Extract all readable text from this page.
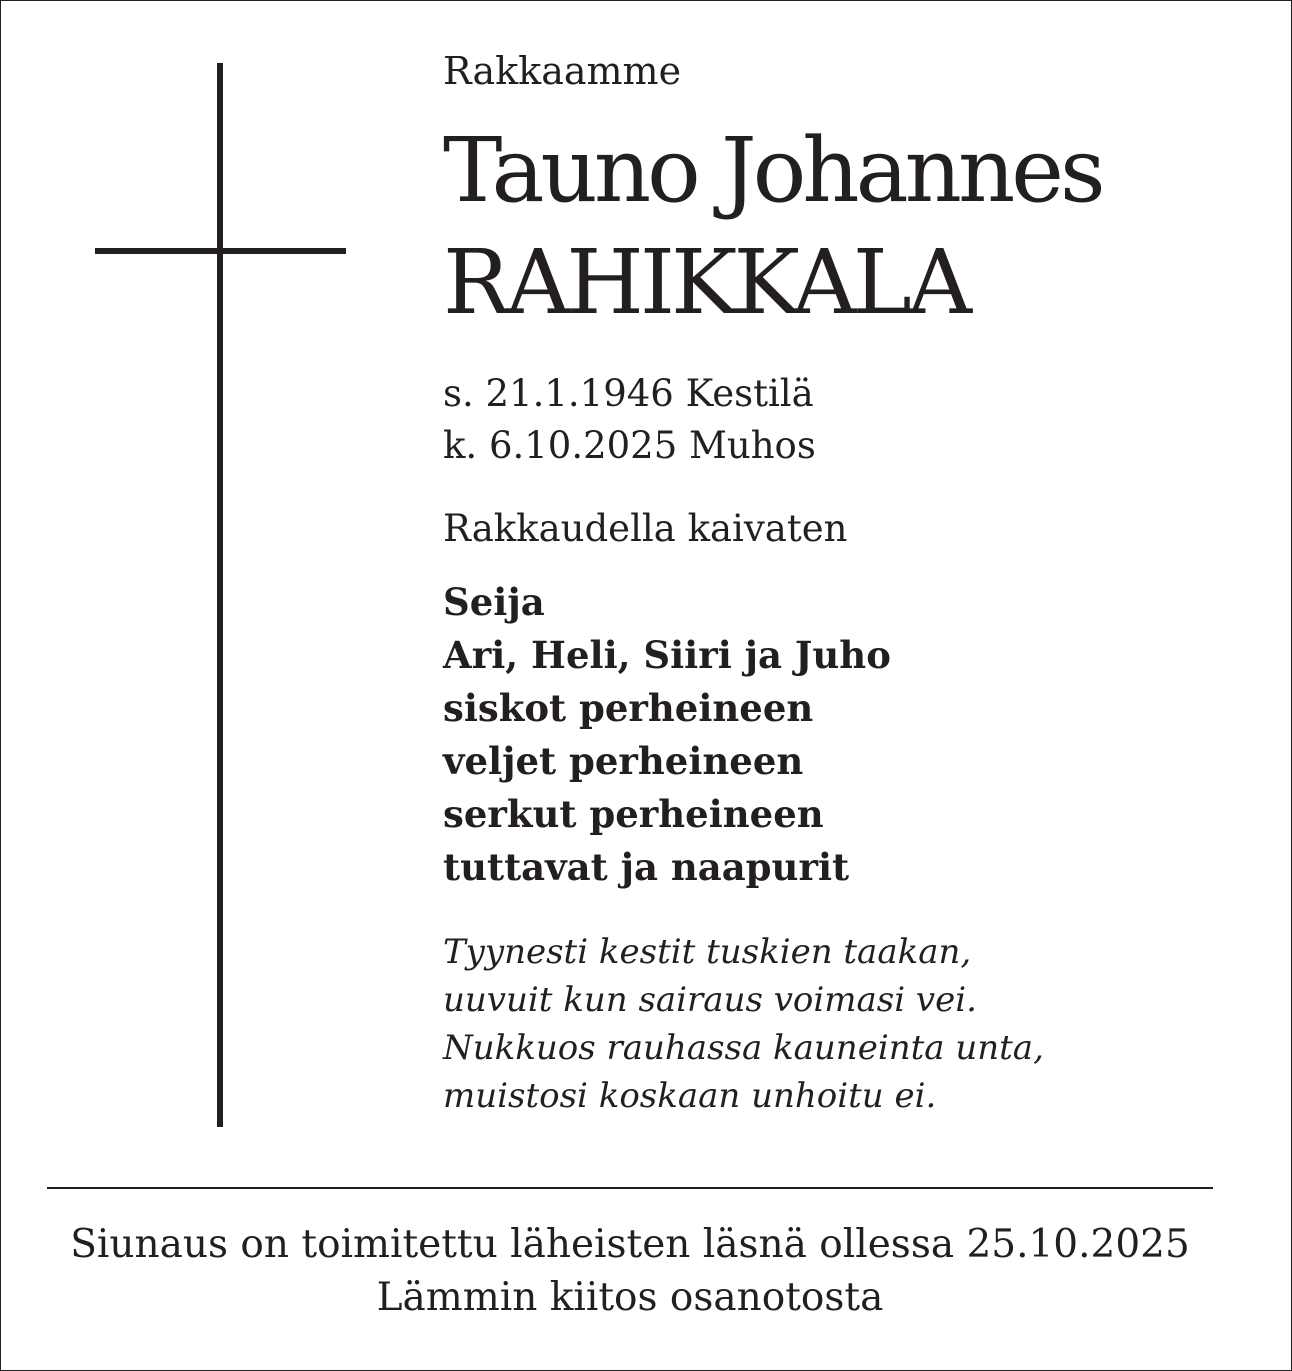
Rakkaamme

Tauno Johannes
RAHIKKALA
s. 21.1.1946 Kestilä
k. 6.10.2025 Muhos
Rakkaudella kaivaten
Seija
Ari, Heli, Siiri ja Juho
siskot perheineen
veljet perheineen
serkut perheineen
tuttavat ja naapurit
Tyynesti kestit tuskien taakan,
uuvuit kun sairaus voimasi vei.
Nukkuos rauhassa kauneinta unta,
muistosi koskaan unhoitu ei.
Siunaus on toimitettu läheisten läsnä ollessa 25.10.2025
Lämmin kiitos osanotosta
